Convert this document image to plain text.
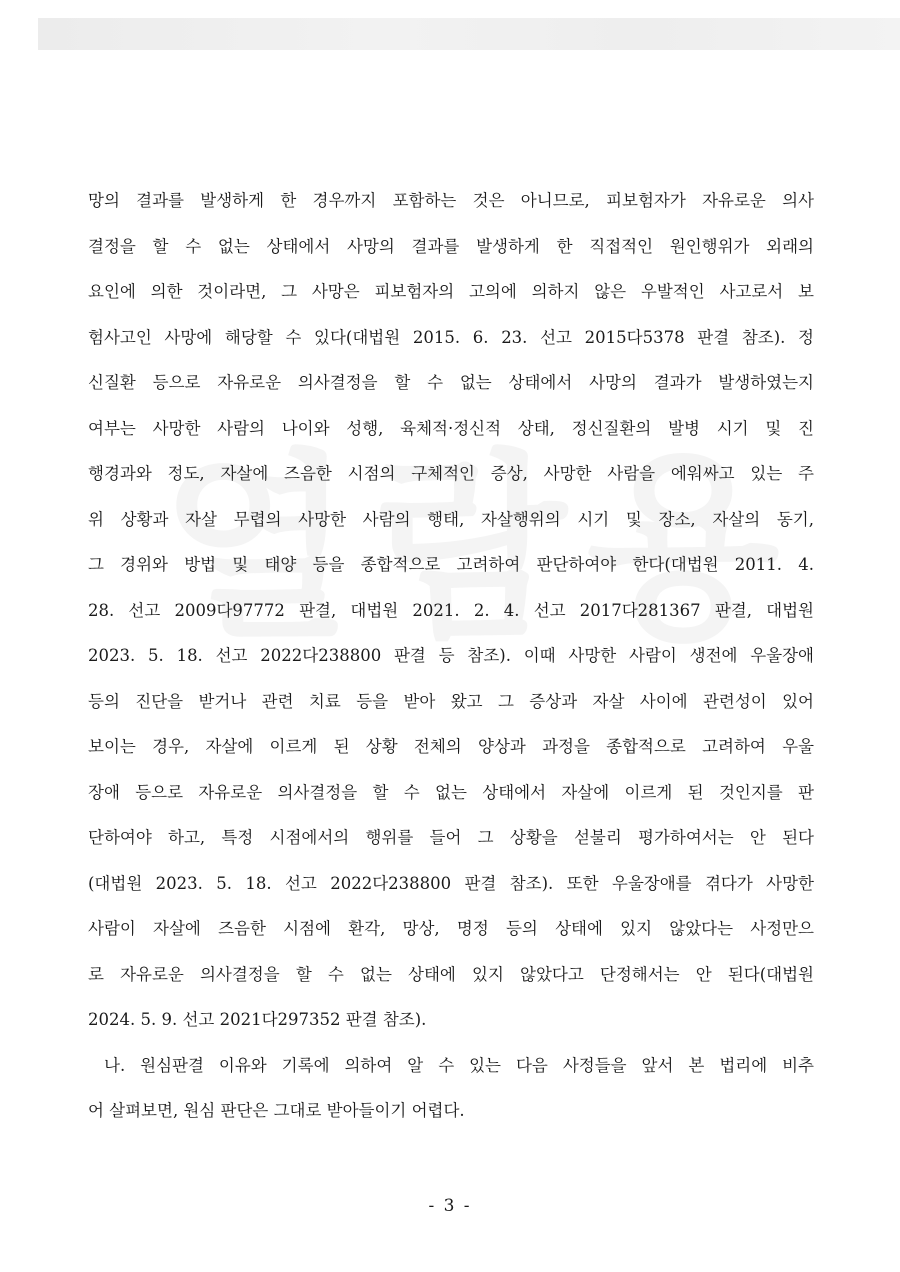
망의 결과를 발생하게 한 경우까지 포함하는 것은 아니므로, 피보험자가 자유로운 의사
결정을 할 수 없는 상태에서 사망의 결과를 발생하게 한 직접적인 원인행위가 외래의
요인에 의한 것이라면, 그 사망은 피보험자의 고의에 의하지 않은 우발적인 사고로서 보
험사고인 사망에 해당할 수 있다(대법원 2015. 6. 23. 선고 2015다5378 판결 참조). 정
신질환 등으로 자유로운 의사결정을 할 수 없는 상태에서 사망의 결과가 발생하였는지
여부는 사망한 사람의 나이와 성행, 육체적·정신적 상태, 정신질환의 발병 시기 및 진
행경과와 정도, 자살에 즈음한 시점의 구체적인 증상, 사망한 사람을 에워싸고 있는 주
위 상황과 자살 무렵의 사망한 사람의 행태, 자살행위의 시기 및 장소, 자살의 동기,
그 경위와 방법 및 태양 등을 종합적으로 고려하여 판단하여야 한다(대법원 2011. 4.
28. 선고 2009다97772 판결, 대법원 2021. 2. 4. 선고 2017다281367 판결, 대법원
2023. 5. 18. 선고 2022다238800 판결 등 참조). 이때 사망한 사람이 생전에 우울장애
등의 진단을 받거나 관련 치료 등을 받아 왔고 그 증상과 자살 사이에 관련성이 있어
보이는 경우, 자살에 이르게 된 상황 전체의 양상과 과정을 종합적으로 고려하여 우울
장애 등으로 자유로운 의사결정을 할 수 없는 상태에서 자살에 이르게 된 것인지를 판
단하여야 하고, 특정 시점에서의 행위를 들어 그 상황을 섣불리 평가하여서는 안 된다
(대법원 2023. 5. 18. 선고 2022다238800 판결 참조). 또한 우울장애를 겪다가 사망한
사람이 자살에 즈음한 시점에 환각, 망상, 명정 등의 상태에 있지 않았다는 사정만으
로 자유로운 의사결정을 할 수 없는 상태에 있지 않았다고 단정해서는 안 된다(대법원
2024. 5. 9. 선고 2021다297352 판결 참조).
나. 원심판결 이유와 기록에 의하여 알 수 있는 다음 사정들을 앞서 본 법리에 비추
어 살펴보면, 원심 판단은 그대로 받아들이기 어렵다.
- 3 -
